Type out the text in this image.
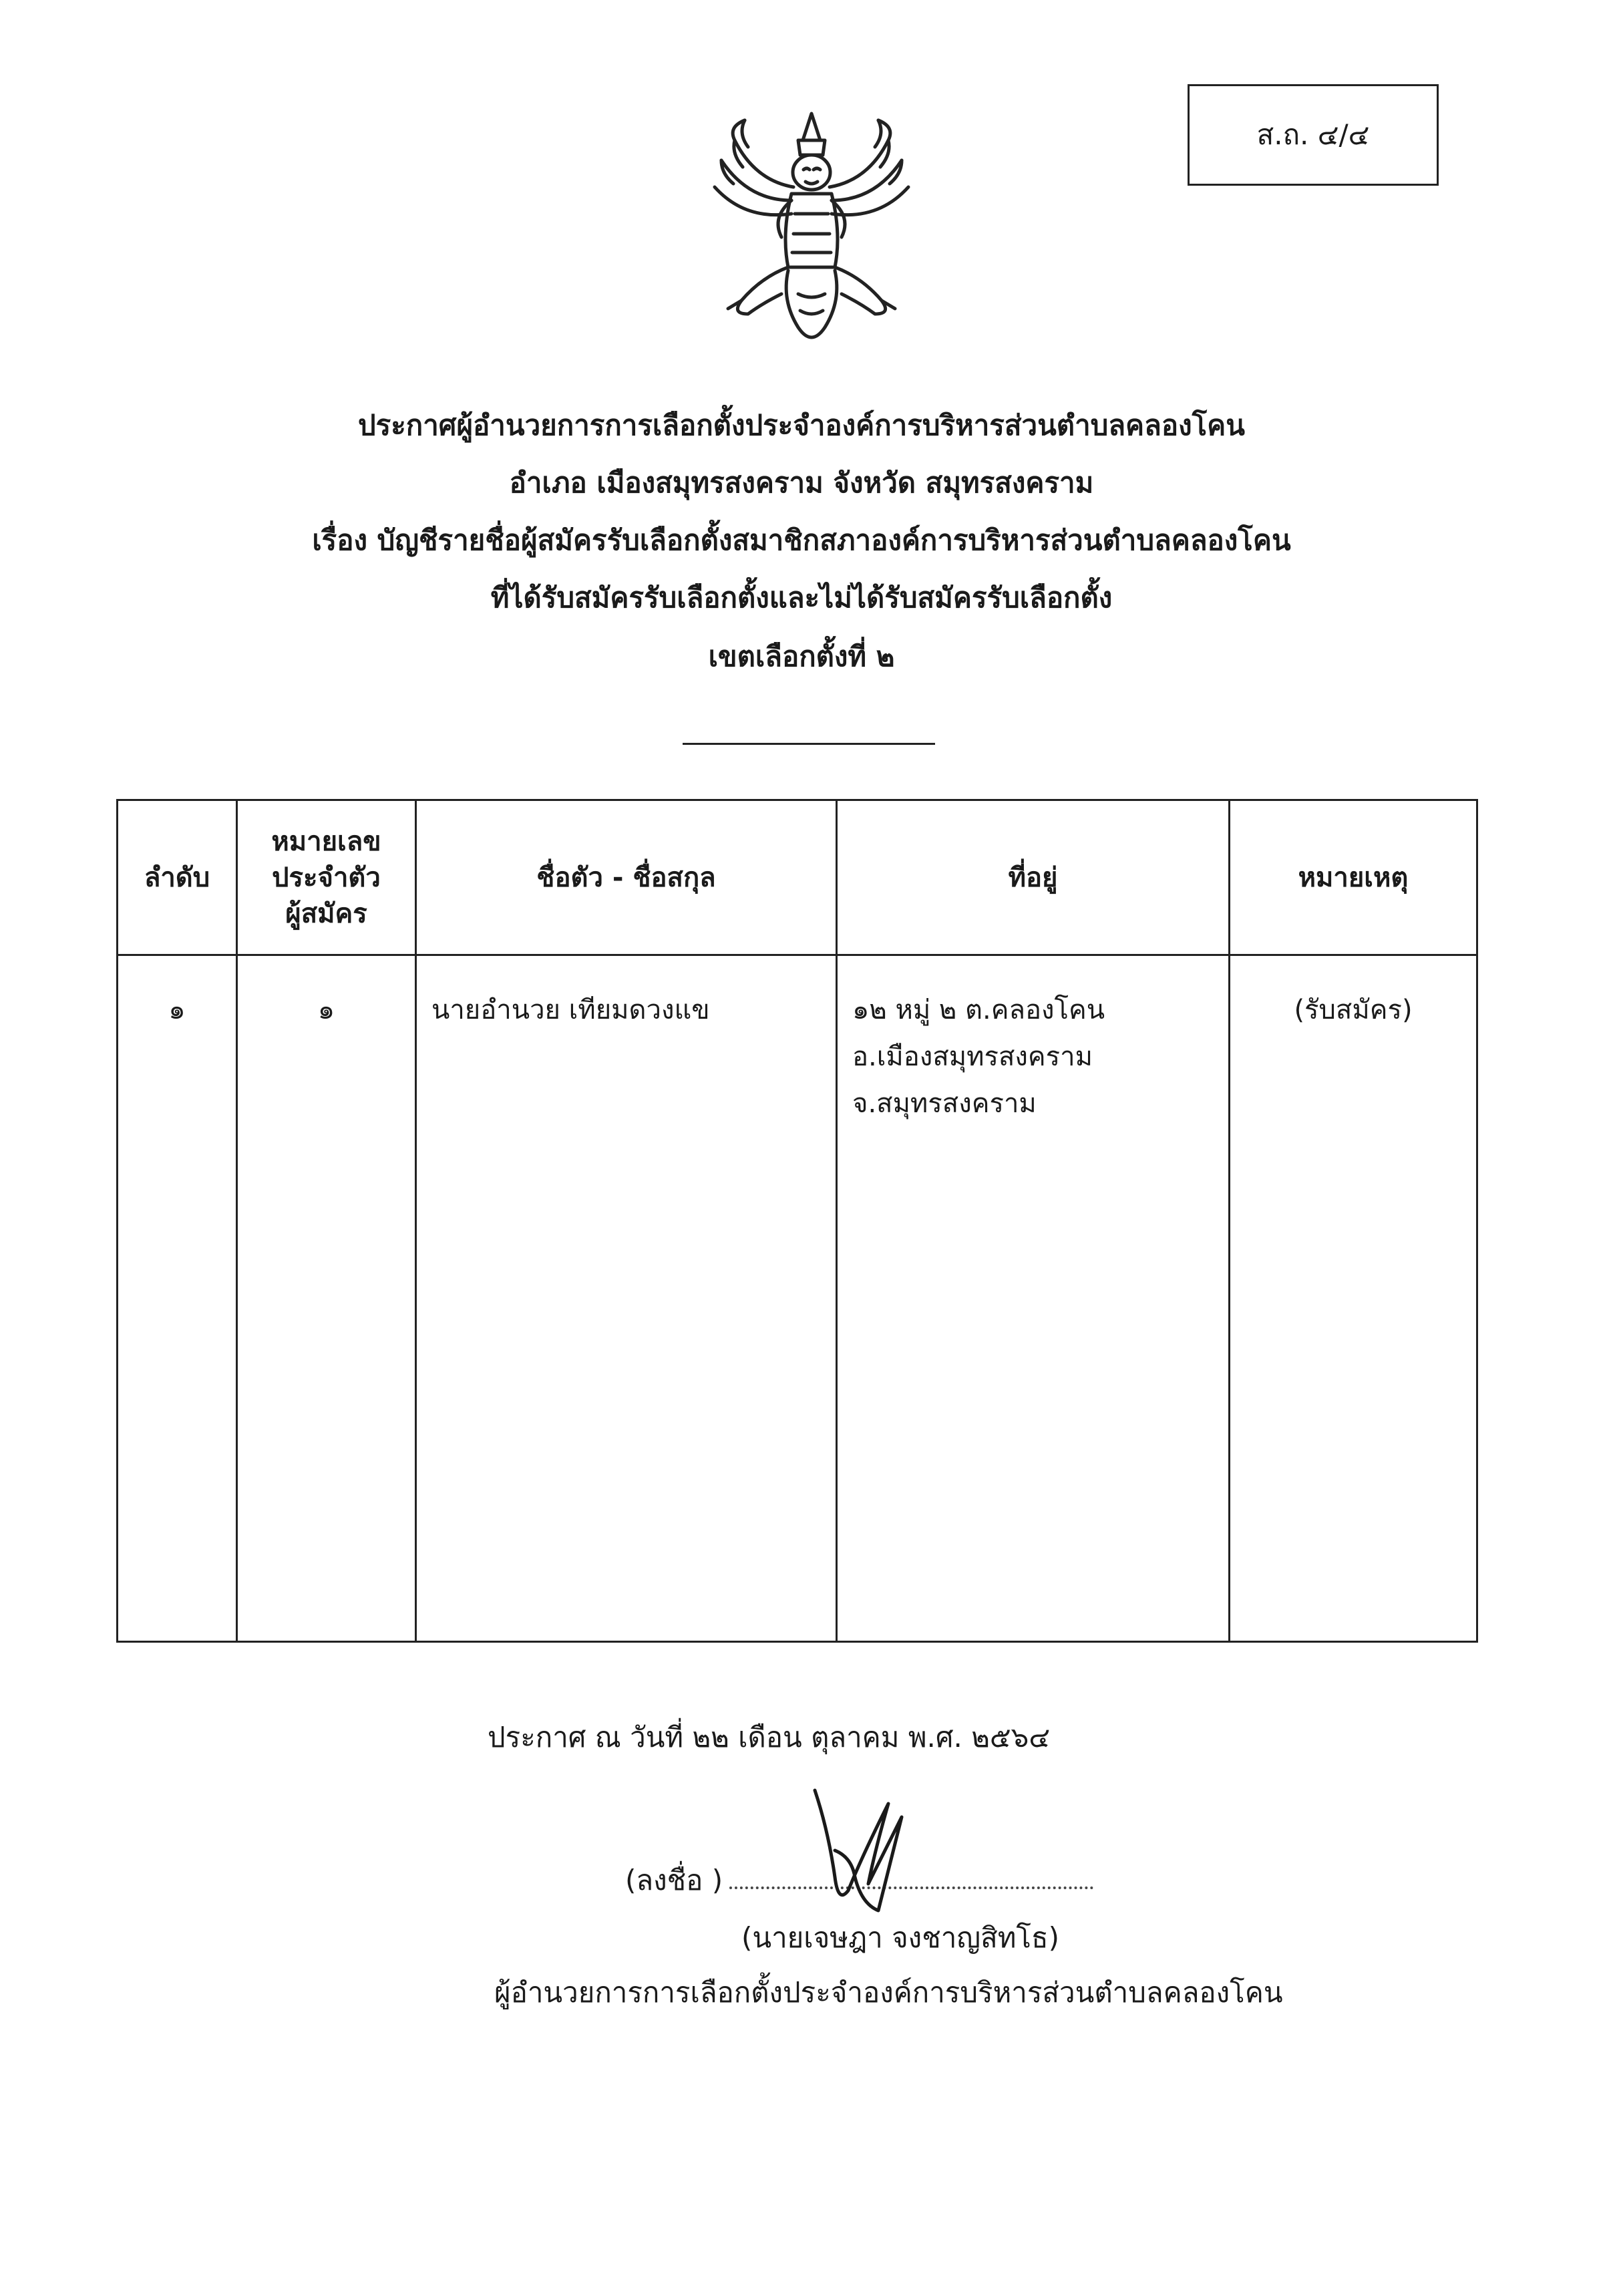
ส.ถ. ๔/๔
ประกาศผู้อำนวยการการเลือกตั้งประจำองค์การบริหารส่วนตำบลคลองโคน
อำเภอ เมืองสมุทรสงคราม จังหวัด สมุทรสงคราม
เรื่อง บัญชีรายชื่อผู้สมัครรับเลือกตั้งสมาชิกสภาองค์การบริหารส่วนตำบลคลองโคน
ที่ได้รับสมัครรับเลือกตั้งและไม่ได้รับสมัครรับเลือกตั้ง
เขตเลือกตั้งที่ ๒
ลำดับ	หมายเลข
ประจำตัว
ผู้สมัคร	ชื่อตัว - ชื่อสกุล	ที่อยู่	หมายเหตุ
๑	๑	นายอำนวย เทียมดวงแข	๑๒ หมู่ ๒ ต.คลองโคน
อ.เมืองสมุทรสงคราม
จ.สมุทรสงคราม	(รับสมัคร)
ประกาศ ณ วันที่ ๒๒ เดือน ตุลาคม พ.ศ. ๒๕๖๔
(ลงชื่อ )
(นายเจษฎา จงชาญสิทโธ)
ผู้อำนวยการการเลือกตั้งประจำองค์การบริหารส่วนตำบลคลองโคน
